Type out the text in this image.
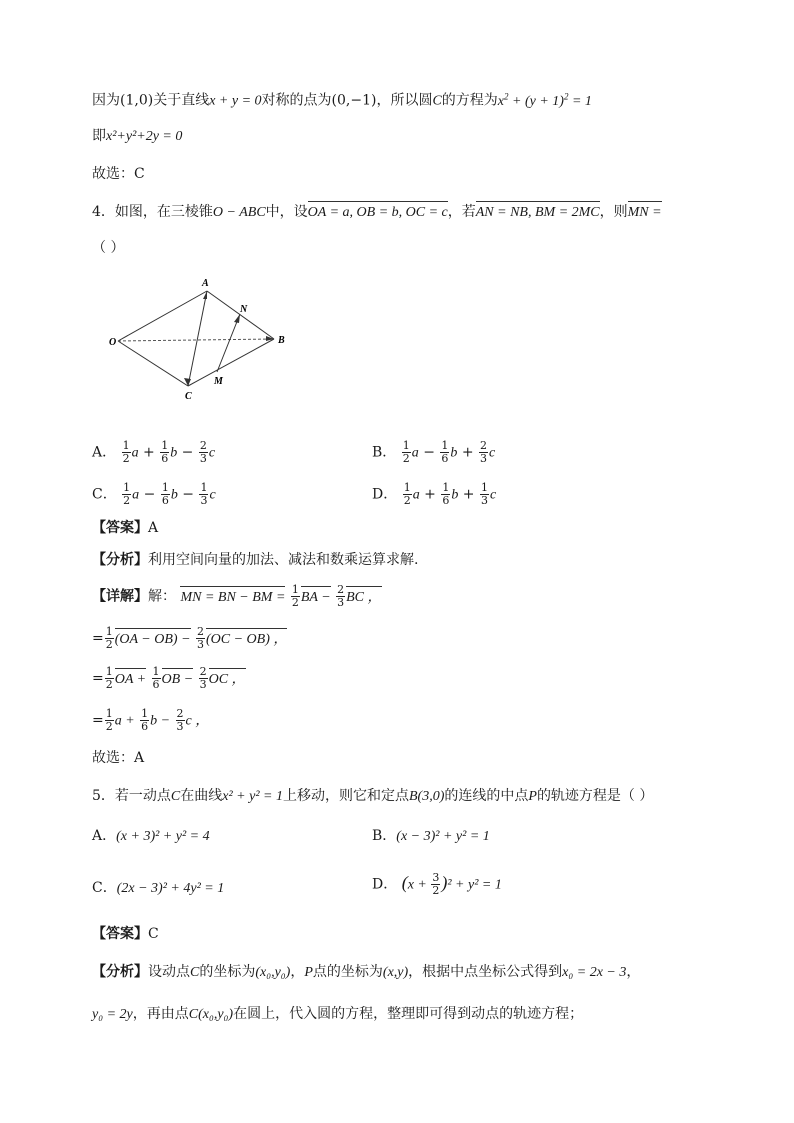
因为(1,0)关于直线x + y = 0对称的点为(0,−1)，所以圆C的方程为$x^2 + (y + 1)^2 = 1$
即x²+y²+2y = 0
故选：C
4．如图，在三棱锥O − ABC中，设OA = a, OB = b, OC = c，若AN = NB, BM = 2MC，则MN =
（ ）
A
N
O	B
M
C
A． $\frac{1}{2}$ $a + \frac{1}{6}$ $b - \frac{2}{3}$ c	B． $\frac{1}{2}$ $a - \frac{1}{6}$ $b + \frac{2}{3}$ c
C． $\frac{1}{2}$ $a - \frac{1}{6}$ $b - \frac{1}{3}$ c	D． $\frac{1}{2}$ $a + \frac{1}{6}$ $b + \frac{1}{3}$ c
【答案】A
【分析】利用空间向量的加法、减法和数乘运算求解.
【详解】解： MN = BN − BM = $\frac{1}{2}$ BA − $\frac{2}{3}$ BC ，
= $\frac{1}{2} (OA - OB) - \frac{2}{3} (OC - OB)$ ，
= $\frac{1}{2}$ OA + $\frac{1}{6}$ OB − $\frac{2}{3}$ OC ，
= $\frac{1}{2}$ $a + \frac{1}{6}$ $b - \frac{2}{3}$ c ，
故选：A
5．若一动点C在曲线x² + y² = 1上移动，则它和定点B(3,0)的连线的中点P的轨迹方程是（ ）
A．(x + 3)² + y² = 4	B．(x − 3)² + y² = 1
C．(2x − 3)² + 4y² = 1	D． $(x + \frac{3}{2} )^2 + y^2 = 1$
【答案】C
【分析】设动点C的坐标为(x₀,y₀)，P点的坐标为(x,y)，根据中点坐标公式得到x₀ = 2x − 3，
y₀ = 2y，再由点C(x₀,y₀)在圆上，代入圆的方程，整理即可得到动点的轨迹方程；
